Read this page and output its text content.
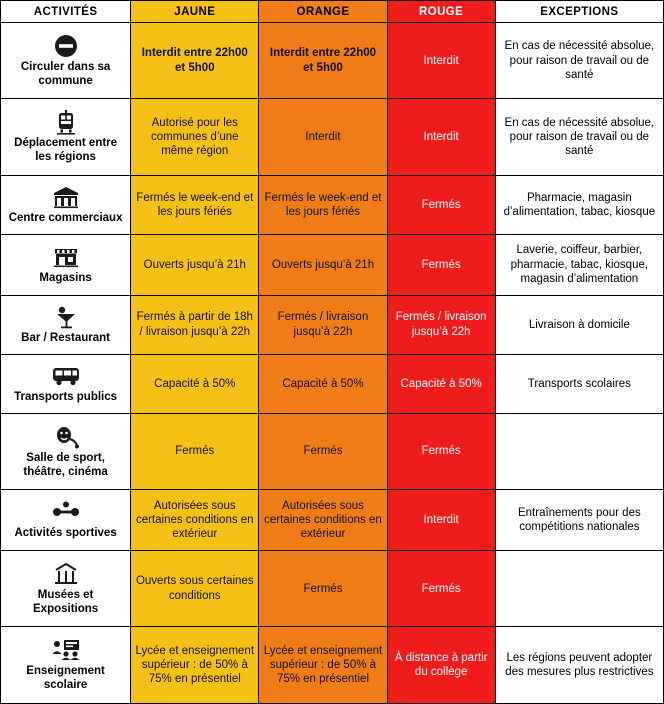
ACTIVITÉS	JAUNE	ORANGE	ROUGE	EXCEPTIONS

Circuler dans sa commune	Interdit entre 22h00 et 5h00	Interdit entre 22h00 et 5h00	Interdit	En cas de nécessité absolue, pour raison de travail ou de santé

Déplacement entre les régions	Autorisé pour les communes d’une même région	Interdit	Interdit	En cas de nécessité absolue, pour raison de travail ou de santé

Centre commerciaux	Fermés le week-end et les jours fériés	Fermés le week-end et les jours fériés	Fermés	Pharmacie, magasin d’alimentation, tabac, kiosque

Magasins	Ouverts jusqu’à 21h	Ouverts jusqu’à 21h	Fermés	Laverie, coiffeur, barbier, pharmacie, tabac, kiosque, magasin d’alimentation

Bar / Restaurant	Fermés à partir de 18h / livraison jusqu’à 22h	Fermés / livraison jusqu’à 22h	Fermés / livraison jusqu’à 22h	Livraison à domicile

Transports publics	Capacité à 50%	Capacité à 50%	Capacité à 50%	Transports scolaires

Salle de sport, théâtre, cinéma	Fermés	Fermés	Fermés	

Activités sportives	Autorisées sous certaines conditions en extérieur	Autorisées sous certaines conditions en extérieur	Interdit	Entraînements pour des compétitions nationales

Musées et Expositions	Ouverts sous certaines conditions	Fermés	Fermés	

Enseignement scolaire	Lycée et enseignement supérieur : de 50% à 75% en présentiel	Lycée et enseignement supérieur : de 50% à 75% en présentiel	À distance à partir du collège	Les régions peuvent adopter des mesures plus restrictives
